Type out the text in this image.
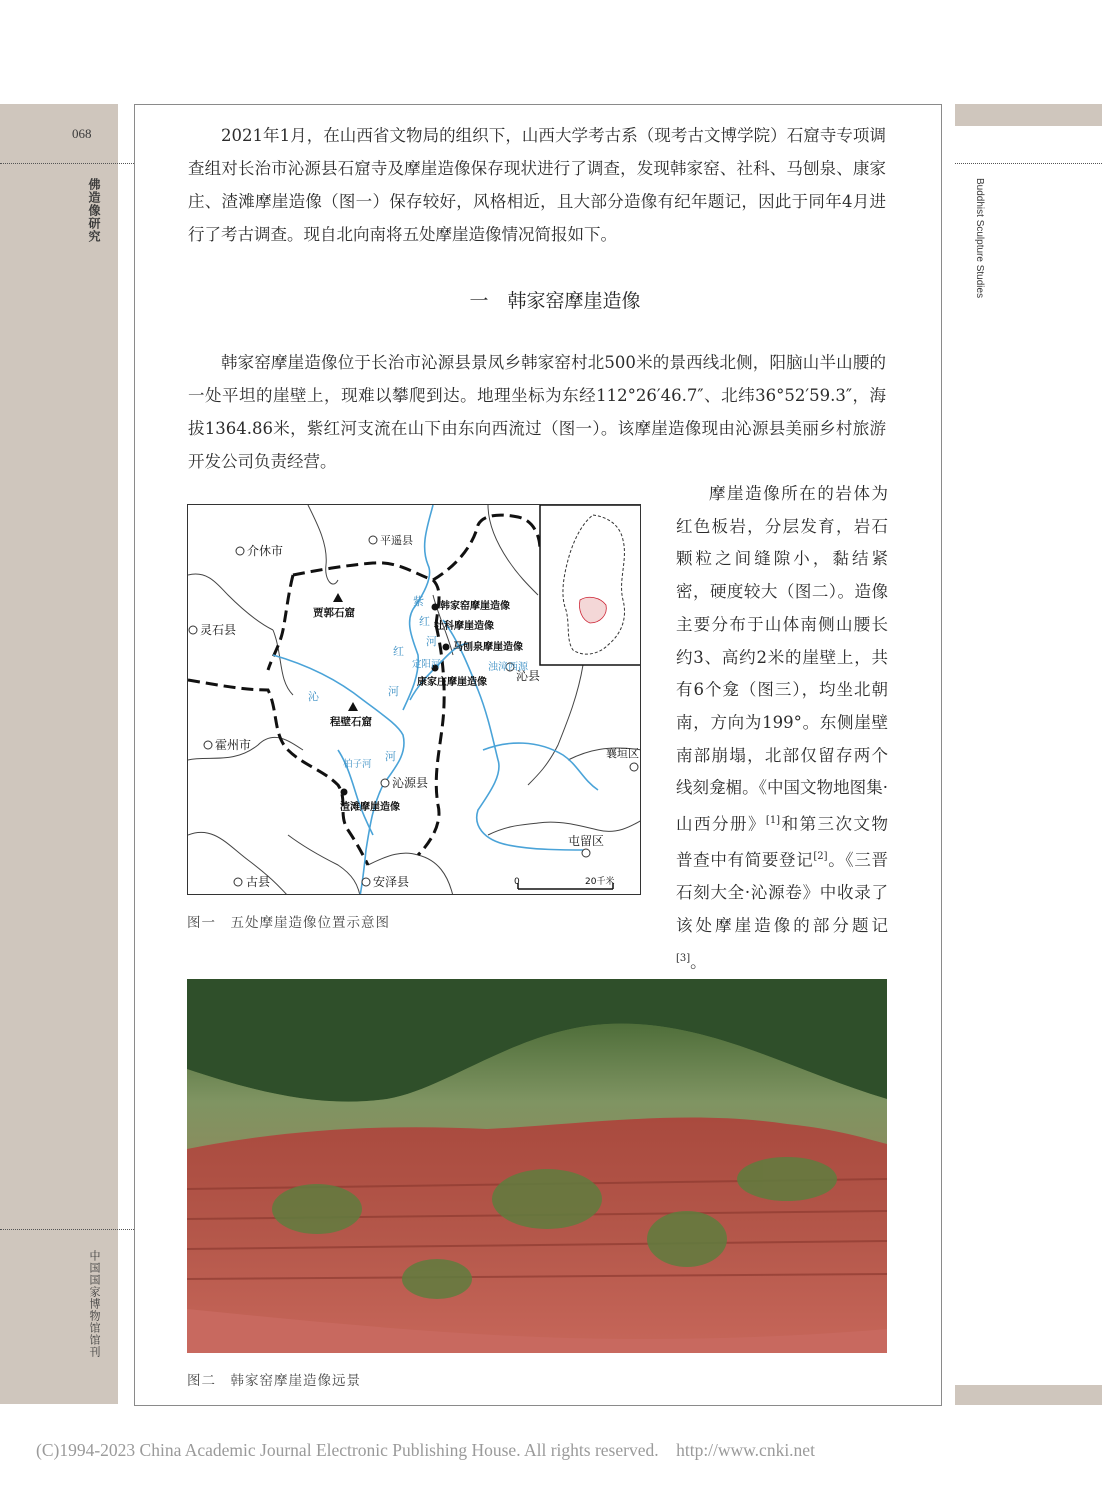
068
佛造像研究
中国国家博物馆馆刊
Buddhist Sculpture Studies

2021年1月，在山西省文物局的组织下，山西大学考古系（现考古文博学院）石窟寺专项调查组对长治市沁源县石窟寺及摩崖造像保存现状进行了调查，发现韩家窑、社科、马刨泉、康家庄、渣滩摩崖造像（图一）保存较好，风格相近，且大部分造像有纪年题记，因此于同年4月进行了考古调查。现自北向南将五处摩崖造像情况简报如下。

一　韩家窑摩崖造像

韩家窑摩崖造像位于长治市沁源县景凤乡韩家窑村北500米的景西线北侧，阳脑山半山腰的一处平坦的崖壁上，现难以攀爬到达。地理坐标为东经112°26′46.7″、北纬36°52′59.3″，海拔1364.86米，紫红河支流在山下由东向西流过（图一）。该摩崖造像现由沁源县美丽乡村旅游开发公司负责经营。

介休市
平遥县
灵石县
霍州市
古县	安泽县
沁源县
沁县
襄垣区
屯留区
贾郭石窟
程壁石窟
韩家窑摩崖造像
社科摩崖造像
马刨泉摩崖造像
康家庄摩崖造像
渣滩摩崖造像
20千米
0
沁	河
河
红
紫
红
河
定阳河
柏子河
浊漳西源
图一　五处摩崖造像位置示意图

摩崖造像所在的岩体为红色板岩，分层发育，岩石颗粒之间缝隙小，黏结紧密，硬度较大（图二）。造像主要分布于山体南侧山腰长约3、高约2米的崖壁上，共有6个龛（图三），均坐北朝南，方向为199°。东侧崖壁南部崩塌，北部仅留存两个线刻龛楣。《中国文物地图集·山西分册》[1]和第三次文物普查中有简要登记[2]。《三晋石刻大全·沁源卷》中收录了该处摩崖造像的部分题记[3]。

图二　韩家窑摩崖造像远景
(C)1994-2023 China Academic Journal Electronic Publishing House. All rights reserved.    http://www.cnki.net
